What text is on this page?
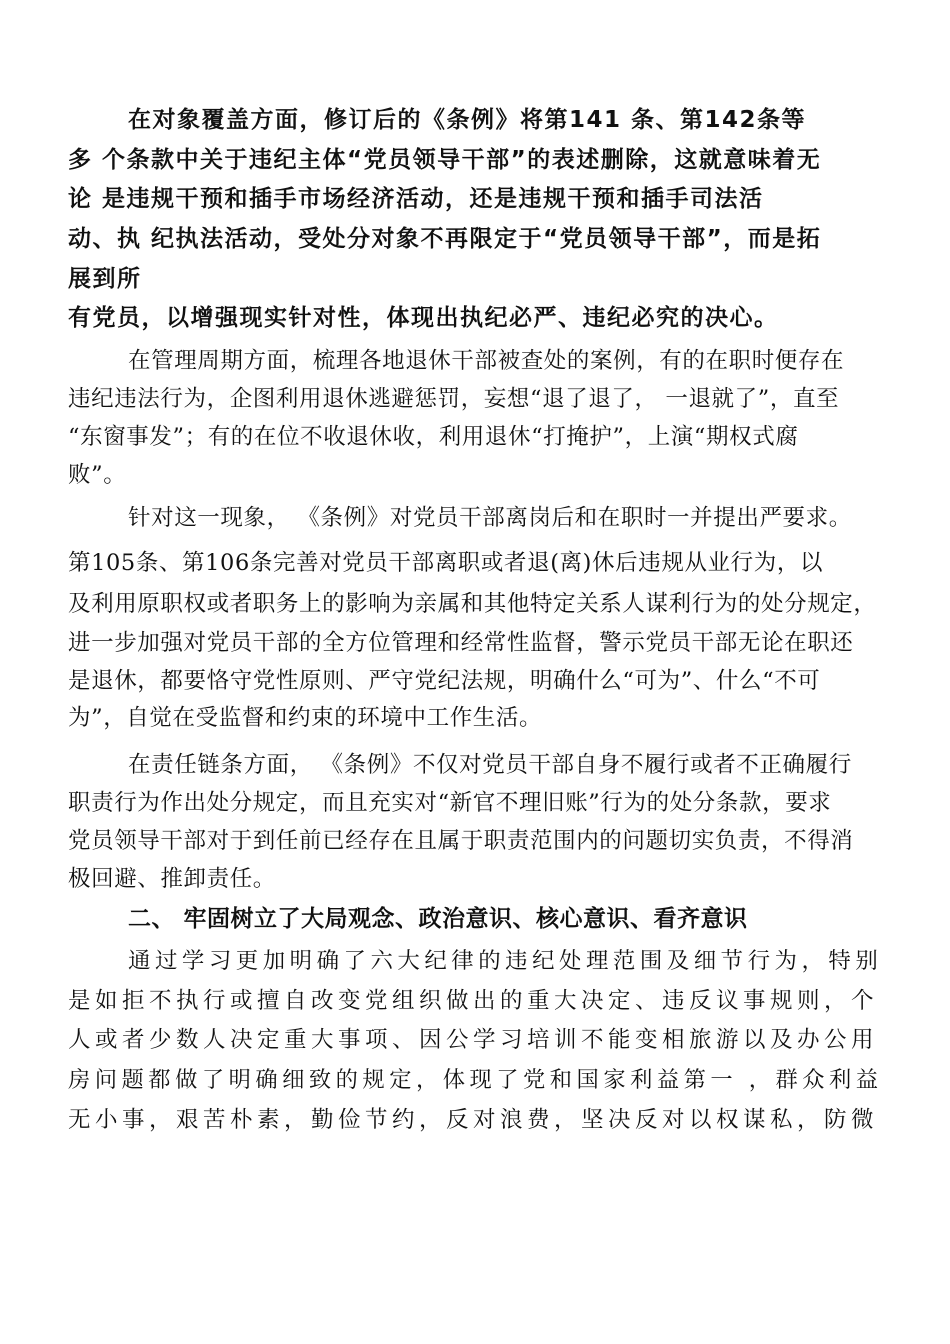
在对象覆盖方面，修订后的《条例》将第141 条、第142条等

多 个条款中关于违纪主体“党员领导干部”的表述删除，这就意味着无

论 是违规干预和插手市场经济活动，还是违规干预和插手司法活

动、执 纪执法活动，受处分对象不再限定于“党员领导干部”，而是拓

展到所

有党员，以增强现实针对性，体现出执纪必严、违纪必究的决心。

在管理周期方面，梳理各地退休干部被查处的案例，有的在职时便存在

违纪违法行为，企图利用退休逃避惩罚，妄想“退了退了， 一退就了”，直至

“东窗事发”；有的在位不收退休收，利用退休“打掩护”，上演“期权式腐

败”。

针对这一现象， 《条例》对党员干部离岗后和在职时一并提出严要求。

第105条、第106条完善对党员干部离职或者退(离)休后违规从业行为，以

及利用原职权或者职务上的影响为亲属和其他特定关系人谋利行为的处分规定，

进一步加强对党员干部的全方位管理和经常性监督，警示党员干部无论在职还

是退休，都要恪守党性原则、严守党纪法规，明确什么“可为”、什么“不可

为”，自觉在受监督和约束的环境中工作生活。

在责任链条方面， 《条例》不仅对党员干部自身不履行或者不正确履行

职责行为作出处分规定，而且充实对“新官不理旧账”行为的处分条款，要求

党员领导干部对于到任前已经存在且属于职责范围内的问题切实负责，不得消

极回避、推卸责任。

二、 牢固树立了大局观念、政治意识、核心意识、看齐意识

通过学习更加明确了六大纪律的违纪处理范围及细节行为，特别

是如拒不执行或擅自改变党组织做出的重大决定、违反议事规则，个

人或者少数人决定重大事项、因公学习培训不能变相旅游以及办公用

房问题都做了明确细致的规定，体现了党和国家利益第一 ，群众利益

无小事，艰苦朴素，勤俭节约，反对浪费，坚决反对以权谋私，防微
